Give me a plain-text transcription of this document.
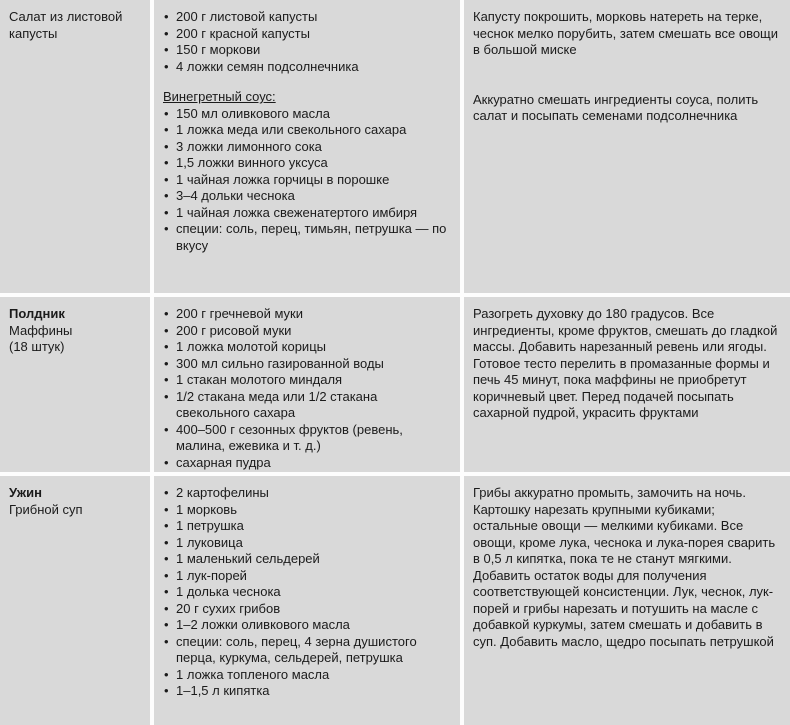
Салат из листовой капусты
• 200 г листовой капусты
• 200 г красной капусты
• 150 г моркови
• 4 ложки семян подсолнечника
Винегретный соус:
• 150 мл оливкового масла
• 1 ложка меда или свекольного сахара
• 3 ложки лимонного сока
• 1,5 ложки винного уксуса
• 1 чайная ложка горчицы в порошке
• 3–4 дольки чеснока
• 1 чайная ложка свеженатертого имбиря
• специи: соль, перец, тимьян, петрушка — по вкусу
Капусту покрошить, морковь натереть на терке, чеснок мелко порубить, затем смешать все овощи в большой миске
Аккуратно смешать ингредиенты соуса, полить салат и посыпать семенами подсолнечника
Полдник
Маффины
(18 штук)
• 200 г гречневой муки
• 200 г рисовой муки
• 1 ложка молотой корицы
• 300 мл сильно газированной воды
• 1 стакан молотого миндаля
• 1/2 стакана меда или 1/2 стакана свекольного сахара
• 400–500 г сезонных фруктов (ревень, малина, ежевика и т. д.)
• сахарная пудра
Разогреть духовку до 180 градусов. Все ингредиенты, кроме фруктов, смешать до гладкой массы. Добавить нарезанный ревень или ягоды. Готовое тесто перелить в промазанные формы и печь 45 минут, пока маффины не приобретут коричневый цвет. Перед подачей посыпать сахарной пудрой, украсить фруктами
Ужин
Грибной суп
• 2 картофелины
• 1 морковь
• 1 петрушка
• 1 луковица
• 1 маленький сельдерей
• 1 лук-порей
• 1 долька чеснока
• 20 г сухих грибов
• 1–2 ложки оливкового масла
• специи: соль, перец, 4 зерна душистого перца, куркума, сельдерей, петрушка
• 1 ложка топленого масла
• 1–1,5 л кипятка
Грибы аккуратно промыть, замочить на ночь. Картошку нарезать крупными кубиками; остальные овощи — мелкими кубиками. Все овощи, кроме лука, чеснока и лука-порея сварить в 0,5 л кипятка, пока те не станут мягкими. Добавить остаток воды для получения соответствующей консистенции. Лук, чеснок, лук-порей и грибы нарезать и потушить на масле с добавкой куркумы, затем смешать и добавить в суп. Добавить масло, щедро посыпать петрушкой
